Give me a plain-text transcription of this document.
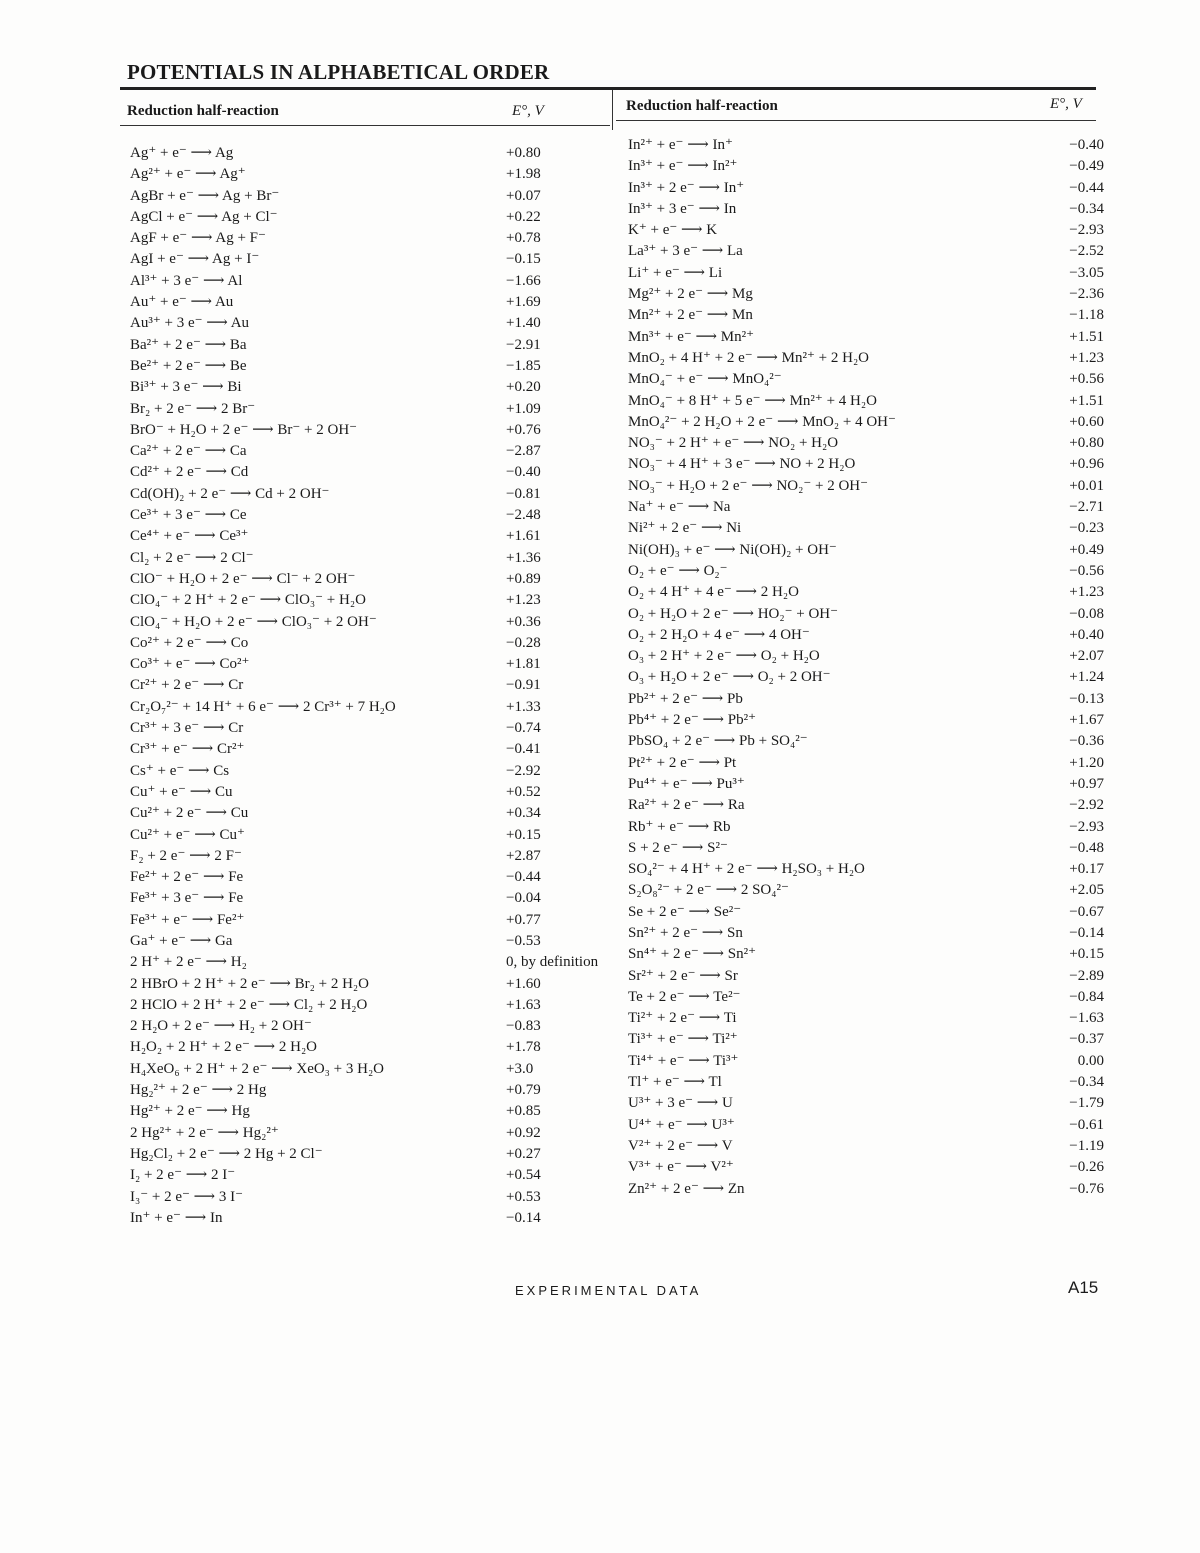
POTENTIALS IN ALPHABETICAL ORDER
Reduction half-reaction	E°, V	Reduction half-reaction	E°, V
Ag⁺ + e⁻ ⟶ Ag	+0.80
Ag²⁺ + e⁻ ⟶ Ag⁺	+1.98
AgBr + e⁻ ⟶ Ag + Br⁻	+0.07
AgCl + e⁻ ⟶ Ag + Cl⁻	+0.22
AgF + e⁻ ⟶ Ag + F⁻	+0.78
AgI + e⁻ ⟶ Ag + I⁻	−0.15
Al³⁺ + 3 e⁻ ⟶ Al	−1.66
Au⁺ + e⁻ ⟶ Au	+1.69
Au³⁺ + 3 e⁻ ⟶ Au	+1.40
Ba²⁺ + 2 e⁻ ⟶ Ba	−2.91
Be²⁺ + 2 e⁻ ⟶ Be	−1.85
Bi³⁺ + 3 e⁻ ⟶ Bi	+0.20
Br₂ + 2 e⁻ ⟶ 2 Br⁻	+1.09
BrO⁻ + H₂O + 2 e⁻ ⟶ Br⁻ + 2 OH⁻	+0.76
Ca²⁺ + 2 e⁻ ⟶ Ca	−2.87
Cd²⁺ + 2 e⁻ ⟶ Cd	−0.40
Cd(OH)₂ + 2 e⁻ ⟶ Cd + 2 OH⁻	−0.81
Ce³⁺ + 3 e⁻ ⟶ Ce	−2.48
Ce⁴⁺ + e⁻ ⟶ Ce³⁺	+1.61
Cl₂ + 2 e⁻ ⟶ 2 Cl⁻	+1.36
ClO⁻ + H₂O + 2 e⁻ ⟶ Cl⁻ + 2 OH⁻	+0.89
ClO₄⁻ + 2 H⁺ + 2 e⁻ ⟶ ClO₃⁻ + H₂O	+1.23
ClO₄⁻ + H₂O + 2 e⁻ ⟶ ClO₃⁻ + 2 OH⁻	+0.36
Co²⁺ + 2 e⁻ ⟶ Co	−0.28
Co³⁺ + e⁻ ⟶ Co²⁺	+1.81
Cr²⁺ + 2 e⁻ ⟶ Cr	−0.91
Cr₂O₇²⁻ + 14 H⁺ + 6 e⁻ ⟶ 2 Cr³⁺ + 7 H₂O	+1.33
Cr³⁺ + 3 e⁻ ⟶ Cr	−0.74
Cr³⁺ + e⁻ ⟶ Cr²⁺	−0.41
Cs⁺ + e⁻ ⟶ Cs	−2.92
Cu⁺ + e⁻ ⟶ Cu	+0.52
Cu²⁺ + 2 e⁻ ⟶ Cu	+0.34
Cu²⁺ + e⁻ ⟶ Cu⁺	+0.15
F₂ + 2 e⁻ ⟶ 2 F⁻	+2.87
Fe²⁺ + 2 e⁻ ⟶ Fe	−0.44
Fe³⁺ + 3 e⁻ ⟶ Fe	−0.04
Fe³⁺ + e⁻ ⟶ Fe²⁺	+0.77
Ga⁺ + e⁻ ⟶ Ga	−0.53
2 H⁺ + 2 e⁻ ⟶ H₂	0, by definition
2 HBrO + 2 H⁺ + 2 e⁻ ⟶ Br₂ + 2 H₂O	+1.60
2 HClO + 2 H⁺ + 2 e⁻ ⟶ Cl₂ + 2 H₂O	+1.63
2 H₂O + 2 e⁻ ⟶ H₂ + 2 OH⁻	−0.83
H₂O₂ + 2 H⁺ + 2 e⁻ ⟶ 2 H₂O	+1.78
H₄XeO₆ + 2 H⁺ + 2 e⁻ ⟶ XeO₃ + 3 H₂O	+3.0
Hg₂²⁺ + 2 e⁻ ⟶ 2 Hg	+0.79
Hg²⁺ + 2 e⁻ ⟶ Hg	+0.85
2 Hg²⁺ + 2 e⁻ ⟶ Hg₂²⁺	+0.92
Hg₂Cl₂ + 2 e⁻ ⟶ 2 Hg + 2 Cl⁻	+0.27
I₂ + 2 e⁻ ⟶ 2 I⁻	+0.54
I₃⁻ + 2 e⁻ ⟶ 3 I⁻	+0.53
In⁺ + e⁻ ⟶ In	−0.14
In²⁺ + e⁻ ⟶ In⁺	−0.40
In³⁺ + e⁻ ⟶ In²⁺	−0.49
In³⁺ + 2 e⁻ ⟶ In⁺	−0.44
In³⁺ + 3 e⁻ ⟶ In	−0.34
K⁺ + e⁻ ⟶ K	−2.93
La³⁺ + 3 e⁻ ⟶ La	−2.52
Li⁺ + e⁻ ⟶ Li	−3.05
Mg²⁺ + 2 e⁻ ⟶ Mg	−2.36
Mn²⁺ + 2 e⁻ ⟶ Mn	−1.18
Mn³⁺ + e⁻ ⟶ Mn²⁺	+1.51
MnO₂ + 4 H⁺ + 2 e⁻ ⟶ Mn²⁺ + 2 H₂O	+1.23
MnO₄⁻ + e⁻ ⟶ MnO₄²⁻	+0.56
MnO₄⁻ + 8 H⁺ + 5 e⁻ ⟶ Mn²⁺ + 4 H₂O	+1.51
MnO₄²⁻ + 2 H₂O + 2 e⁻ ⟶ MnO₂ + 4 OH⁻	+0.60
NO₃⁻ + 2 H⁺ + e⁻ ⟶ NO₂ + H₂O	+0.80
NO₃⁻ + 4 H⁺ + 3 e⁻ ⟶ NO + 2 H₂O	+0.96
NO₃⁻ + H₂O + 2 e⁻ ⟶ NO₂⁻ + 2 OH⁻	+0.01
Na⁺ + e⁻ ⟶ Na	−2.71
Ni²⁺ + 2 e⁻ ⟶ Ni	−0.23
Ni(OH)₃ + e⁻ ⟶ Ni(OH)₂ + OH⁻	+0.49
O₂ + e⁻ ⟶ O₂⁻	−0.56
O₂ + 4 H⁺ + 4 e⁻ ⟶ 2 H₂O	+1.23
O₂ + H₂O + 2 e⁻ ⟶ HO₂⁻ + OH⁻	−0.08
O₂ + 2 H₂O + 4 e⁻ ⟶ 4 OH⁻	+0.40
O₃ + 2 H⁺ + 2 e⁻ ⟶ O₂ + H₂O	+2.07
O₃ + H₂O + 2 e⁻ ⟶ O₂ + 2 OH⁻	+1.24
Pb²⁺ + 2 e⁻ ⟶ Pb	−0.13
Pb⁴⁺ + 2 e⁻ ⟶ Pb²⁺	+1.67
PbSO₄ + 2 e⁻ ⟶ Pb + SO₄²⁻	−0.36
Pt²⁺ + 2 e⁻ ⟶ Pt	+1.20
Pu⁴⁺ + e⁻ ⟶ Pu³⁺	+0.97
Ra²⁺ + 2 e⁻ ⟶ Ra	−2.92
Rb⁺ + e⁻ ⟶ Rb	−2.93
S + 2 e⁻ ⟶ S²⁻	−0.48
SO₄²⁻ + 4 H⁺ + 2 e⁻ ⟶ H₂SO₃ + H₂O	+0.17
S₂O₈²⁻ + 2 e⁻ ⟶ 2 SO₄²⁻	+2.05
Se + 2 e⁻ ⟶ Se²⁻	−0.67
Sn²⁺ + 2 e⁻ ⟶ Sn	−0.14
Sn⁴⁺ + 2 e⁻ ⟶ Sn²⁺	+0.15
Sr²⁺ + 2 e⁻ ⟶ Sr	−2.89
Te + 2 e⁻ ⟶ Te²⁻	−0.84
Ti²⁺ + 2 e⁻ ⟶ Ti	−1.63
Ti³⁺ + e⁻ ⟶ Ti²⁺	−0.37
Ti⁴⁺ + e⁻ ⟶ Ti³⁺	0.00
Tl⁺ + e⁻ ⟶ Tl	−0.34
U³⁺ + 3 e⁻ ⟶ U	−1.79
U⁴⁺ + e⁻ ⟶ U³⁺	−0.61
V²⁺ + 2 e⁻ ⟶ V	−1.19
V³⁺ + e⁻ ⟶ V²⁺	−0.26
Zn²⁺ + 2 e⁻ ⟶ Zn	−0.76
EXPERIMENTAL DATA	A15
